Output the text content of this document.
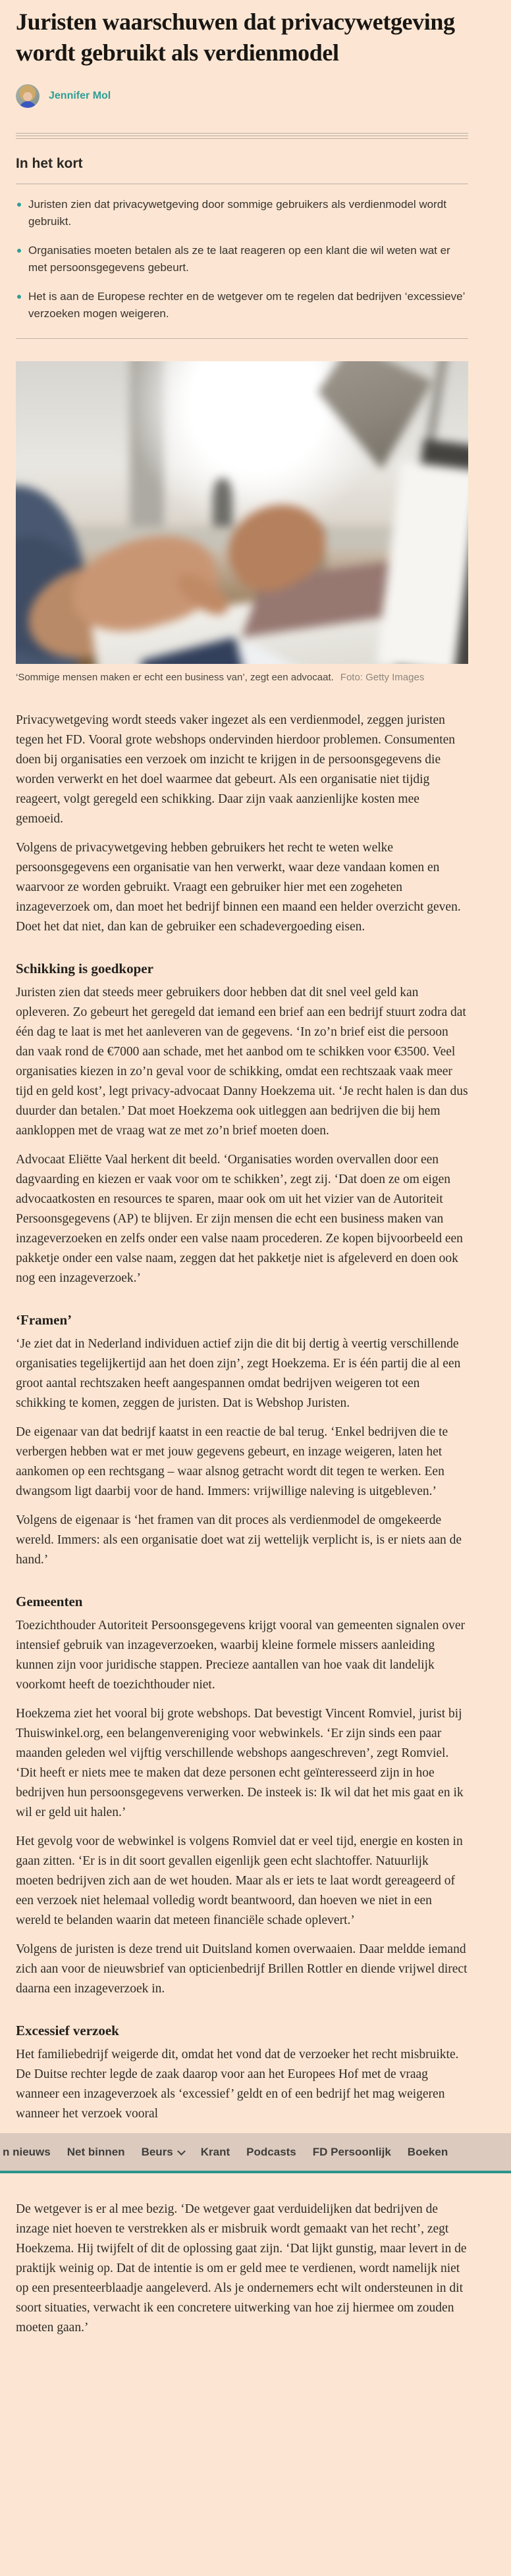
Juristen waarschuwen dat privacywetgeving wordt gebruikt als verdienmodel
Jennifer Mol
In het kort
Juristen zien dat privacywetgeving door sommige gebruikers als verdienmodel wordt gebruikt.
Organisaties moeten betalen als ze te laat reageren op een klant die wil weten wat er met persoonsgegevens gebeurt.
Het is aan de Europese rechter en de wetgever om te regelen dat bedrijven ‘excessieve’ verzoeken mogen weigeren.
‘Sommige mensen maken er echt een business van’, zegt een advocaat. Foto: Getty Images

Privacywetgeving wordt steeds vaker ingezet als een verdienmodel, zeggen juristen tegen het FD. Vooral grote webshops ondervinden hierdoor problemen. Consumenten doen bij organisaties een verzoek om inzicht te krijgen in de persoonsgegevens die worden verwerkt en het doel waarmee dat gebeurt. Als een organisatie niet tijdig reageert, volgt geregeld een schikking. Daar zijn vaak aanzienlijke kosten mee gemoeid.

Volgens de privacywetgeving hebben gebruikers het recht te weten welke persoonsgegevens een organisatie van hen verwerkt, waar deze vandaan komen en waarvoor ze worden gebruikt. Vraagt een gebruiker hier met een zogeheten inzageverzoek om, dan moet het bedrijf binnen een maand een helder overzicht geven. Doet het dat niet, dan kan de gebruiker een schadevergoeding eisen.

Schikking is goedkoper

Juristen zien dat steeds meer gebruikers door hebben dat dit snel veel geld kan opleveren. Zo gebeurt het geregeld dat iemand een brief aan een bedrijf stuurt zodra dat één dag te laat is met het aanleveren van de gegevens. ‘In zo’n brief eist die persoon dan vaak rond de €7000 aan schade, met het aanbod om te schikken voor €3500. Veel organisaties kiezen in zo’n geval voor de schikking, omdat een rechtszaak vaak meer tijd en geld kost’, legt privacy-advocaat Danny Hoekzema uit. ‘Je recht halen is dan dus duurder dan betalen.’ Dat moet Hoekzema ook uitleggen aan bedrijven die bij hem aankloppen met de vraag wat ze met zo’n brief moeten doen.

Advocaat Eliëtte Vaal herkent dit beeld. ‘Organisaties worden overvallen door een dagvaarding en kiezen er vaak voor om te schikken’, zegt zij. ‘Dat doen ze om eigen advocaatkosten en resources te sparen, maar ook om uit het vizier van de Autoriteit Persoonsgegevens (AP) te blijven. Er zijn mensen die echt een business maken van inzageverzoeken en zelfs onder een valse naam procederen. Ze kopen bijvoorbeeld een pakketje onder een valse naam, zeggen dat het pakketje niet is afgeleverd en doen ook nog een inzageverzoek.’

‘Framen’

‘Je ziet dat in Nederland individuen actief zijn die dit bij dertig à veertig verschillende organisaties tegelijkertijd aan het doen zijn’, zegt Hoekzema. Er is één partij die al een groot aantal rechtszaken heeft aangespannen omdat bedrijven weigeren tot een schikking te komen, zeggen de juristen. Dat is Webshop Juristen.

De eigenaar van dat bedrijf kaatst in een reactie de bal terug. ‘Enkel bedrijven die te verbergen hebben wat er met jouw gegevens gebeurt, en inzage weigeren, laten het aankomen op een rechtsgang – waar alsnog getracht wordt dit tegen te werken. Een dwangsom ligt daarbij voor de hand. Immers: vrijwillige naleving is uitgebleven.’

Volgens de eigenaar is ‘het framen van dit proces als verdienmodel de omgekeerde wereld. Immers: als een organisatie doet wat zij wettelijk verplicht is, is er niets aan de hand.’

Gemeenten

Toezichthouder Autoriteit Persoonsgegevens krijgt vooral van gemeenten signalen over intensief gebruik van inzageverzoeken, waarbij kleine formele missers aanleiding kunnen zijn voor juridische stappen. Precieze aantallen van hoe vaak dit landelijk voorkomt heeft de toezichthouder niet.

Hoekzema ziet het vooral bij grote webshops. Dat bevestigt Vincent Romviel, jurist bij Thuiswinkel.org, een belangenvereniging voor webwinkels. ‘Er zijn sinds een paar maanden geleden wel vijftig verschillende webshops aangeschreven’, zegt Romviel. ‘Dit heeft er niets mee te maken dat deze personen echt geïnteresseerd zijn in hoe bedrijven hun persoonsgegevens verwerken. De insteek is: Ik wil dat het mis gaat en ik wil er geld uit halen.’

Het gevolg voor de webwinkel is volgens Romviel dat er veel tijd, energie en kosten in gaan zitten. ‘Er is in dit soort gevallen eigenlijk geen echt slachtoffer. Natuurlijk moeten bedrijven zich aan de wet houden. Maar als er iets te laat wordt gereageerd of een verzoek niet helemaal volledig wordt beantwoord, dan hoeven we niet in een wereld te belanden waarin dat meteen financiële schade oplevert.’

Volgens de juristen is deze trend uit Duitsland komen overwaaien. Daar meldde iemand zich aan voor de nieuwsbrief van opticienbedrijf Brillen Rottler en diende vrijwel direct daarna een inzageverzoek in.

Excessief verzoek

Het familiebedrijf weigerde dit, omdat het vond dat de verzoeker het recht misbruikte. De Duitse rechter legde de zaak daarop voor aan het Europees Hof met de vraag wanneer een inzageverzoek als ‘excessief’ geldt en of een bedrijf het mag weigeren wanneer het verzoek vooral

n nieuws Net binnen Beurs	Krant Podcasts FD Persoonlijk Boeken

De wetgever is er al mee bezig. ‘De wetgever gaat verduidelijken dat bedrijven de inzage niet hoeven te verstrekken als er misbruik wordt gemaakt van het recht’, zegt Hoekzema. Hij twijfelt of dit de oplossing gaat zijn. ‘Dat lijkt gunstig, maar levert in de praktijk weinig op. Dat de intentie is om er geld mee te verdienen, wordt namelijk niet op een presenteerblaadje aangeleverd. Als je ondernemers echt wilt ondersteunen in dit soort situaties, verwacht ik een concretere uitwerking van hoe zij hiermee om zouden moeten gaan.’
